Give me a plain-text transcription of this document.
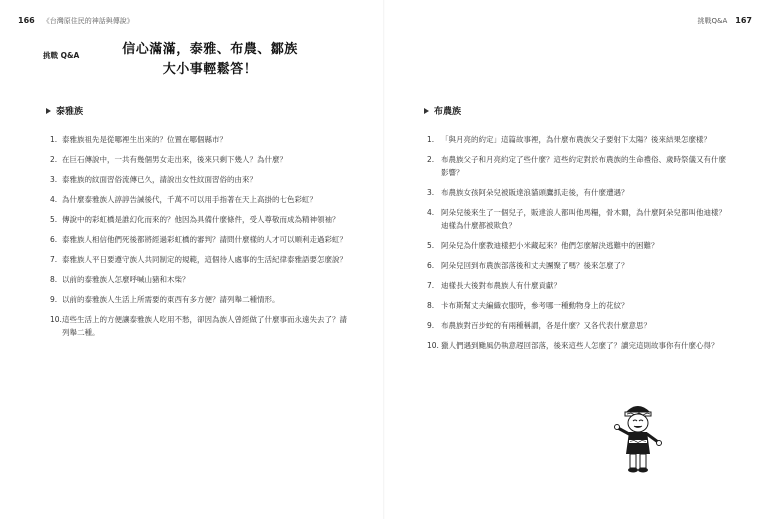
166 《台灣原住民的神話與傳說》	挑戰Q&A 167
挑戰 Q&A	信心滿滿，泰雅、布農、鄒族
大小事輕鬆答！
泰雅族
1. 泰雅族祖先是從哪裡生出來的？位置在哪個縣市？
2. 在巨石傳說中，一共有幾個男女走出來，後來只剩下幾人？為什麼？
3. 泰雅族的紋面習俗流傳已久，請說出女性紋面習俗的由來？
4. 為什麼泰雅族人諄諄告誡後代，千萬不可以用手指著在天上高掛的七色彩虹？
5. 傳說中的彩虹橋是誰幻化而來的？他因為具備什麼條件，受人尊敬而成為精神領袖？
6. 泰雅族人相信他們死後都將經過彩虹橋的審判？請問什麼樣的人才可以順利走過彩虹？
7. 泰雅族人平日要遵守族人共同制定的規範，這個待人處事的生活紀律泰雅語要怎麼說？
8. 以前的泰雅族人怎麼呼喊山豬和木柴？
9. 以前的泰雅族人生活上所需要的東西有多方便？請列舉二種情形。
10. 這些生活上的方便讓泰雅族人吃用不愁，卻因為族人曾經做了什麼事而永遠失去了？請列舉二種。
布農族
1. 「與月亮的約定」這篇故事裡，為什麼布農族父子要射下太陽？後來結果怎麼樣？
2. 布農族父子和月亮約定了些什麼？這些約定對於布農族的生命禮俗、歲時祭儀又有什麼影響？
3. 布農族女孩阿朵兒被販達浪貓頭鷹抓走後，有什麼遭遇？
4. 阿朵兒後來生了一個兒子，販達浪人都叫他馬糧，骨木爾，為什麼阿朵兒都叫他迪樣？迪樣為什麼都被欺負？
5. 阿朵兒為什麼教迪樣把小米藏起來？他們怎麼解決逃難中的困難？
6. 阿朵兒回到布農族部落後和丈夫團聚了嗎？後來怎麼了？
7. 迪樣長大後對布農族人有什麼貢獻？
8. 卡布斯幫丈夫編織衣服時，參考哪一種動物身上的花紋？
9. 布農族對百步蛇的有兩種稱謂，各是什麼？又各代表什麼意思？
10. 獵人們遇到颱風仍執意趕回部落，後來這些人怎麼了？讀完這則故事你有什麼心得？
